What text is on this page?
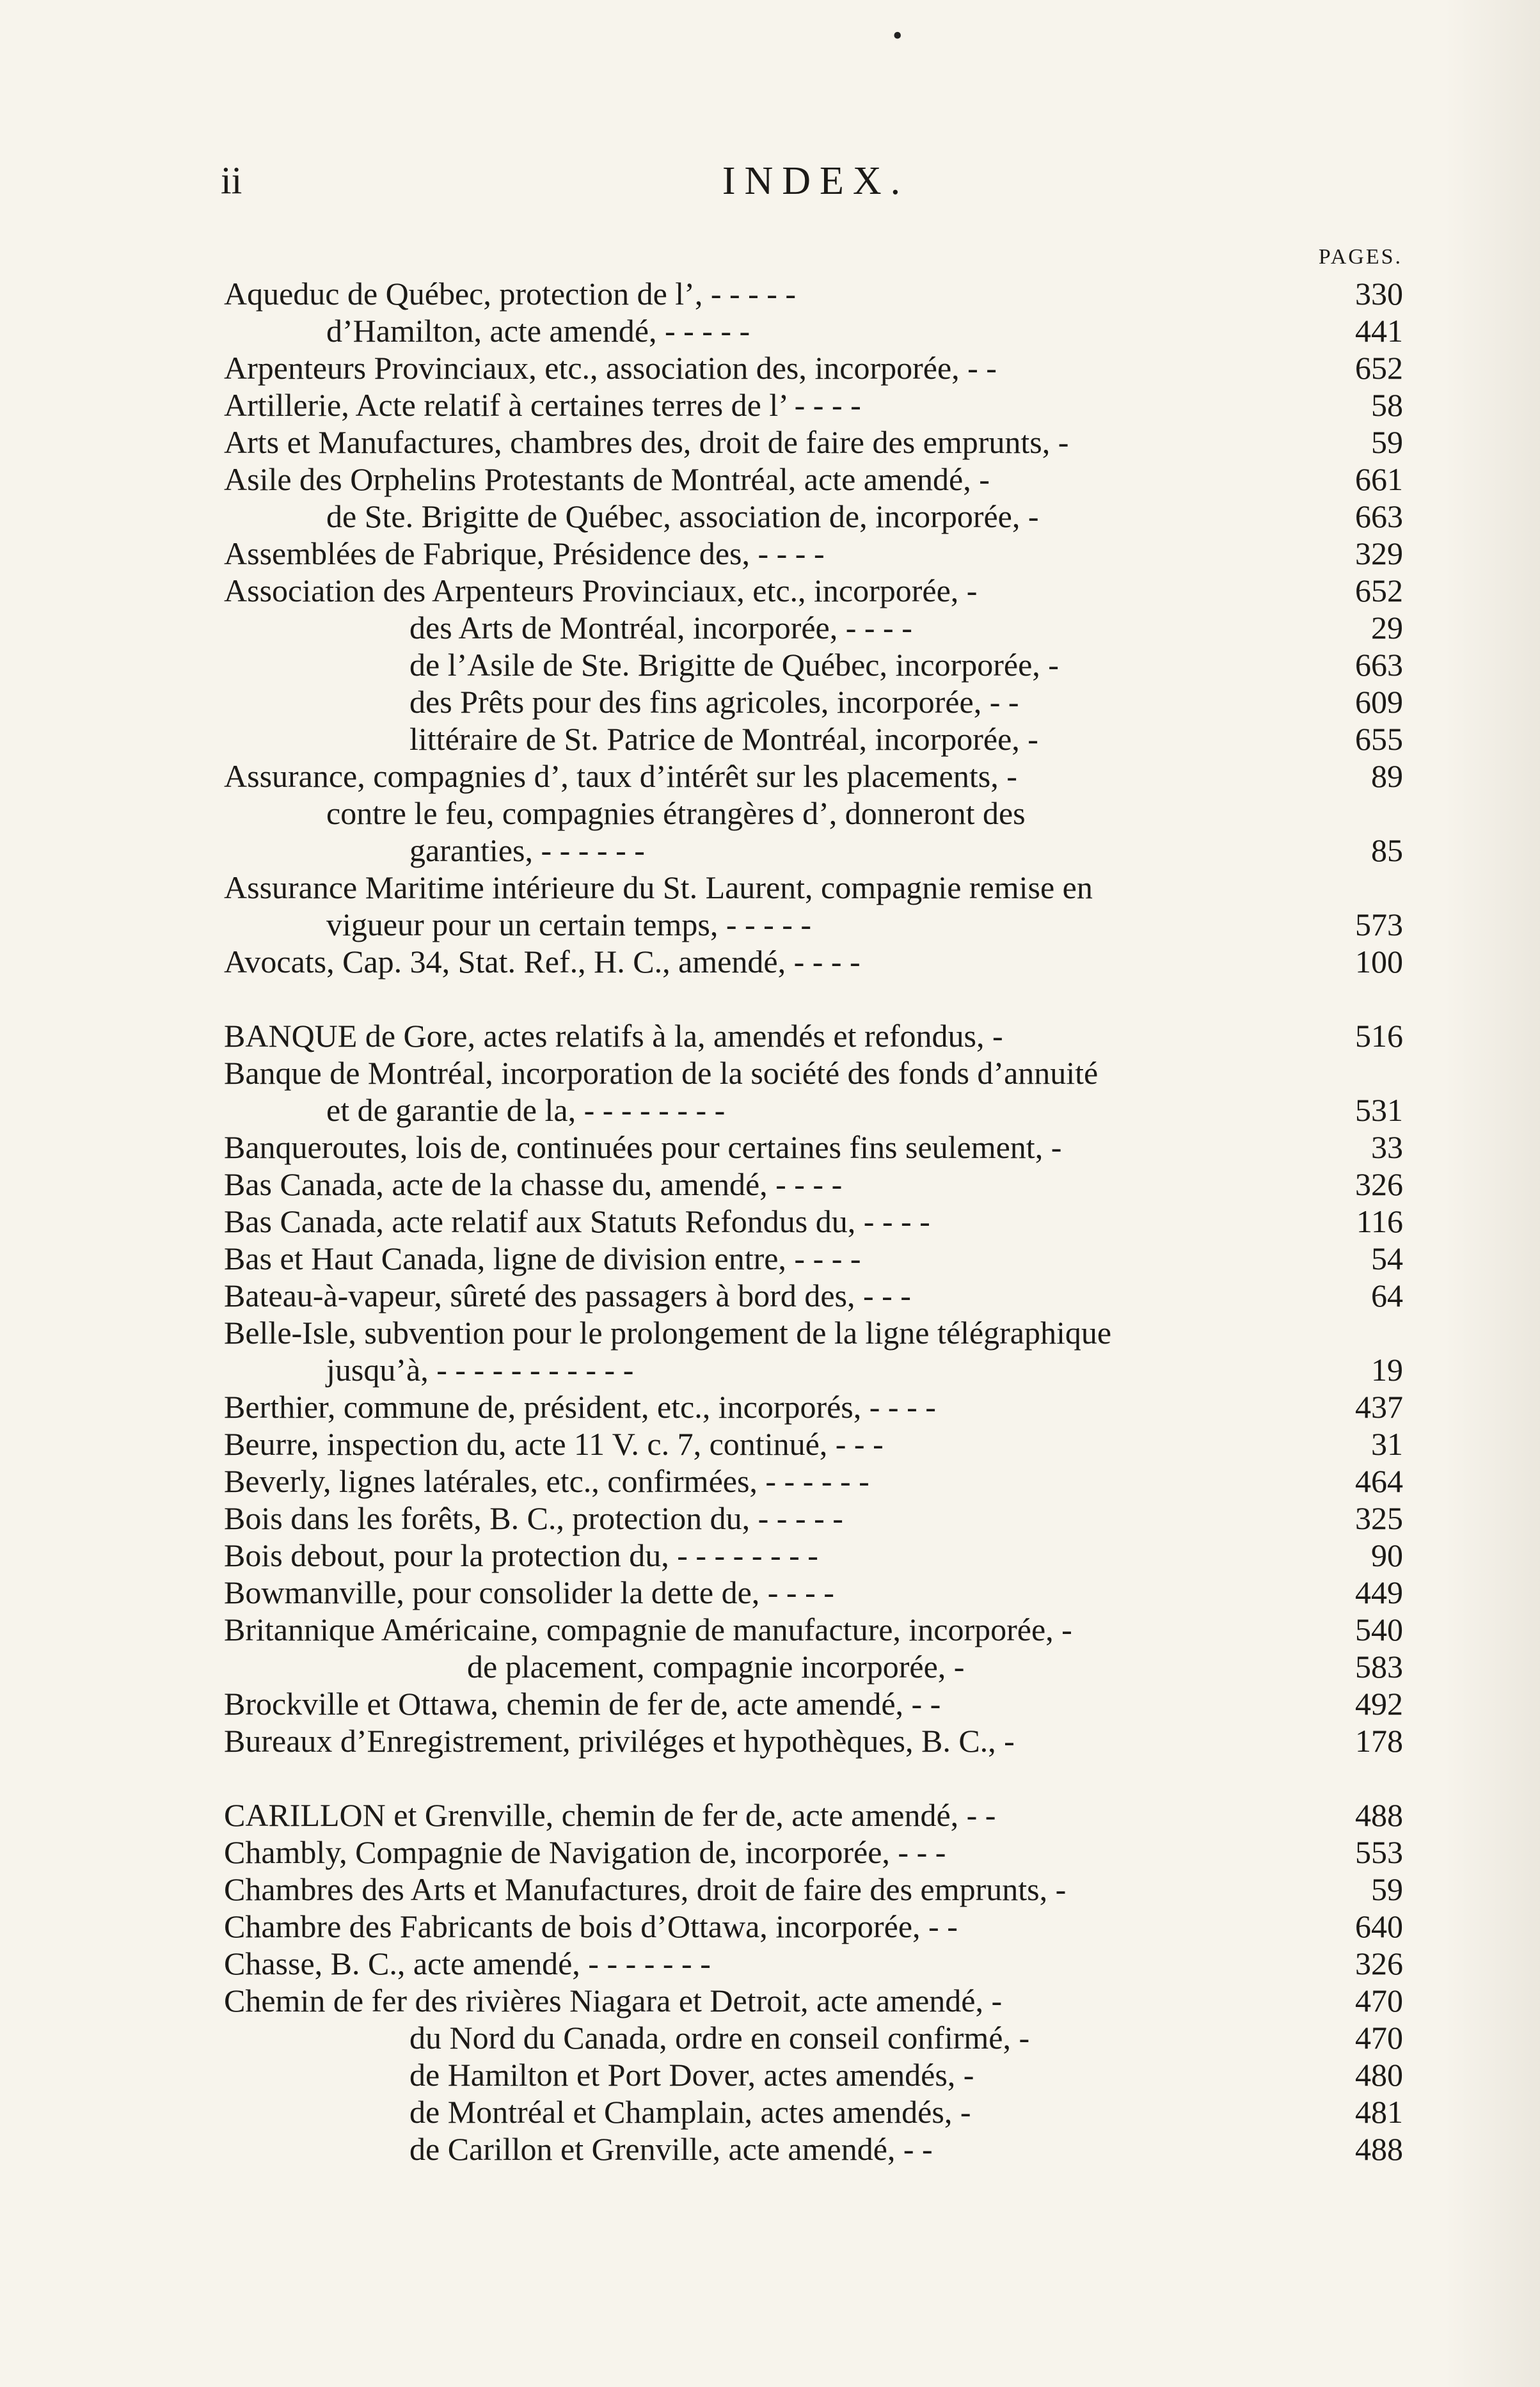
•
ii	INDEX.
PAGES.
Aqueduc de Québec, protection de l’, - - - - -	330
d’Hamilton, acte amendé, - - - - -	441
Arpenteurs Provinciaux, etc., association des, incorporée, - -	652
Artillerie, Acte relatif à certaines terres de l’ - - - -	58
Arts et Manufactures, chambres des, droit de faire des emprunts, -	59
Asile des Orphelins Protestants de Montréal, acte amendé, -	661
de Ste. Brigitte de Québec, association de, incorporée, -	663
Assemblées de Fabrique, Présidence des, - - - -	329
Association des Arpenteurs Provinciaux, etc., incorporée, -	652
des Arts de Montréal, incorporée, - - - -	29
de l’Asile de Ste. Brigitte de Québec, incorporée, -	663
des Prêts pour des fins agricoles, incorporée, - -	609
littéraire de St. Patrice de Montréal, incorporée, -	655
Assurance, compagnies d’, taux d’intérêt sur les placements, -	89
contre le feu, compagnies étrangères d’, donneront des
garanties, - - - - - -	85
Assurance Maritime intérieure du St. Laurent, compagnie remise en
vigueur pour un certain temps, - - - - -	573
Avocats, Cap. 34, Stat. Ref., H. C., amendé, - - - -	100
BANQUE de Gore, actes relatifs à la, amendés et refondus, -	516
Banque de Montréal, incorporation de la société des fonds d’annuité
et de garantie de la, - - - - - - - -	531
Banqueroutes, lois de, continuées pour certaines fins seulement, -	33
Bas Canada, acte de la chasse du, amendé, - - - -	326
Bas Canada, acte relatif aux Statuts Refondus du, - - - -	116
Bas et Haut Canada, ligne de division entre, - - - -	54
Bateau-à-vapeur, sûreté des passagers à bord des, - - -	64
Belle-Isle, subvention pour le prolongement de la ligne télégraphique
jusqu’à, - - - - - - - - - - -	19
Berthier, commune de, président, etc., incorporés, - - - -	437
Beurre, inspection du, acte 11 V. c. 7, continué, - - -	31
Beverly, lignes latérales, etc., confirmées, - - - - - -	464
Bois dans les forêts, B. C., protection du, - - - - -	325
Bois debout, pour la protection du, - - - - - - - -	90
Bowmanville, pour consolider la dette de, - - - -	449
Britannique Américaine, compagnie de manufacture, incorporée, -	540
de placement, compagnie incorporée, -	583
Brockville et Ottawa, chemin de fer de, acte amendé, - -	492
Bureaux d’Enregistrement, priviléges et hypothèques, B. C., -	178
CARILLON et Grenville, chemin de fer de, acte amendé, - -	488
Chambly, Compagnie de Navigation de, incorporée, - - -	553
Chambres des Arts et Manufactures, droit de faire des emprunts, -	59
Chambre des Fabricants de bois d’Ottawa, incorporée, - -	640
Chasse, B. C., acte amendé, - - - - - - -	326
Chemin de fer des rivières Niagara et Detroit, acte amendé, -	470
du Nord du Canada, ordre en conseil confirmé, -	470
de Hamilton et Port Dover, actes amendés, -	480
de Montréal et Champlain, actes amendés, -	481
de Carillon et Grenville, acte amendé, - -	488
